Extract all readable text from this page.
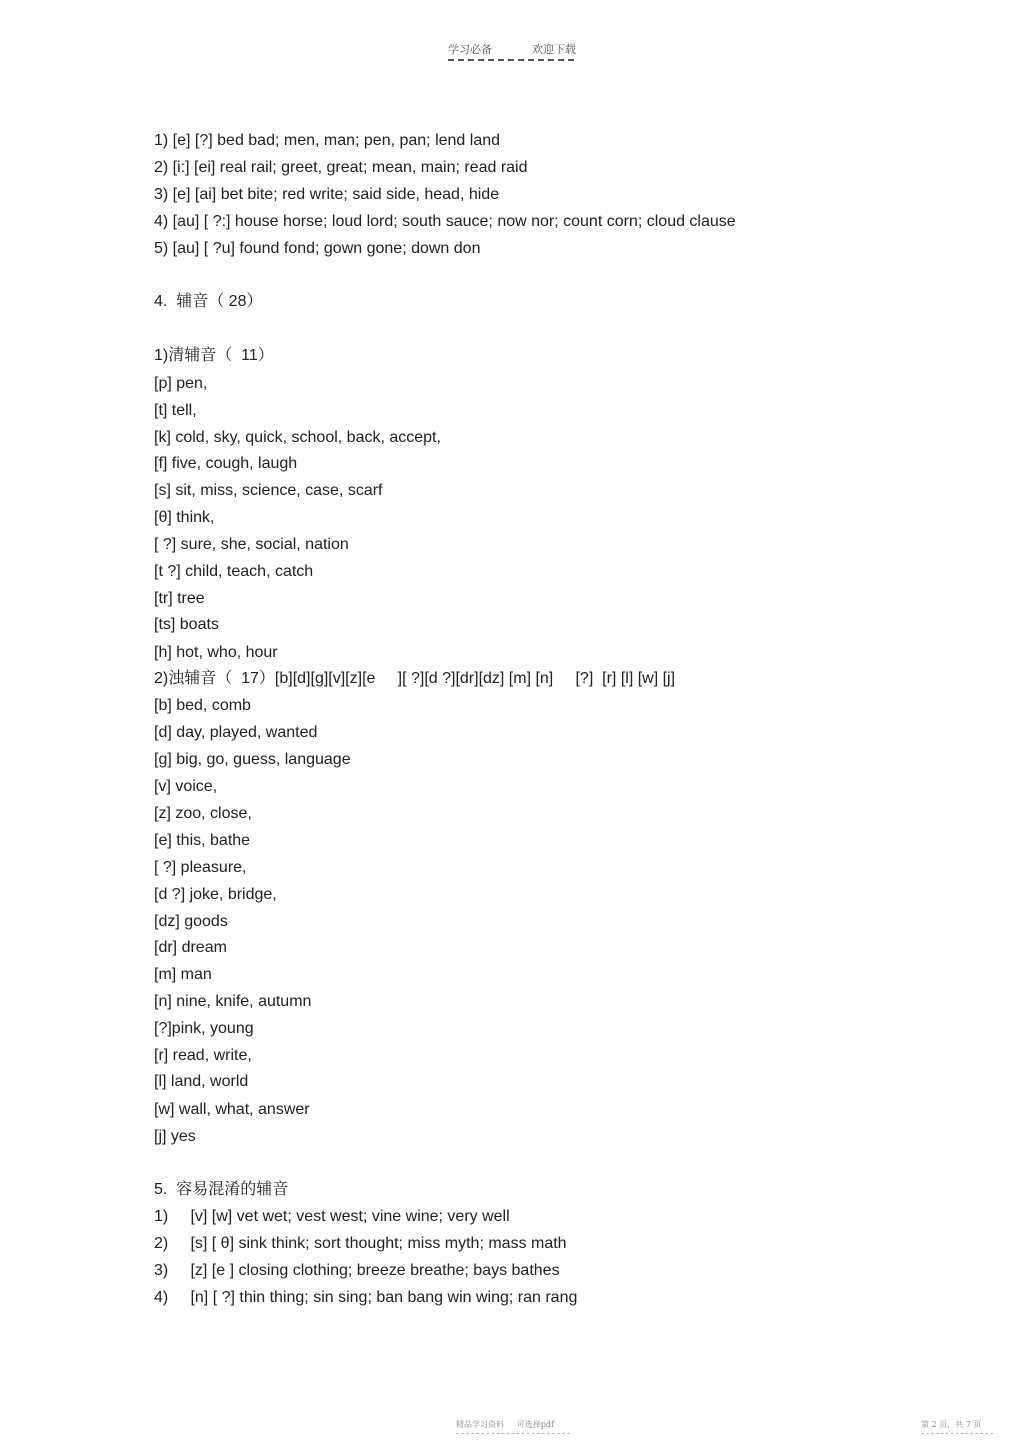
学习必备	欢迎下载
1) [e] [?] bed bad; men, man; pen, pan; lend land
2) [i:] [ei] real rail; greet, great; mean, main; read raid
3) [e] [ai] bet bite; red write; said side, head, hide
4) [au] [ ?:] house horse; loud lord; south sauce; now nor; count corn; cloud clause
5) [au] [ ?u] found fond; gown gone; down don
4.  辅音（ 28）
1)清辅音（  11）
[p] pen,
[t] tell,
[k] cold, sky, quick, school, back, accept,
[f] five, cough, laugh
[s] sit, miss, science, case, scarf
[θ] think,
[ ?] sure, she, social, nation
[t ?] child, teach, catch
[tr] tree
[ts] boats
[h] hot, who, hour
2)浊辅音（  17）[b][d][g][v][z][e     ][ ?][d ?][dr][dz] [m] [n]     [?]  [r] [l] [w] [j]
[b] bed, comb
[d] day, played, wanted
[g] big, go, guess, language
[v] voice,
[z] zoo, close,
[e] this, bathe
[ ?] pleasure,
[d ?] joke, bridge,
[dz] goods
[dr] dream
[m] man
[n] nine, knife, autumn
[?]pink, young
[r] read, write,
[l] land, world
[w] wall, what, answer
[j] yes
5.  容易混淆的辅音
1)     [v] [w] vet wet; vest west; vine wine; very well
2)     [s] [ θ] sink think; sort thought; miss myth; mass math
3)     [z] [e ] closing clothing; breeze breathe; bays bathes
4)     [n] [ ?] thin thing; sin sing; ban bang win wing; ran rang
精品学习资料     可选择pdf	第 2 页，共 7 页
